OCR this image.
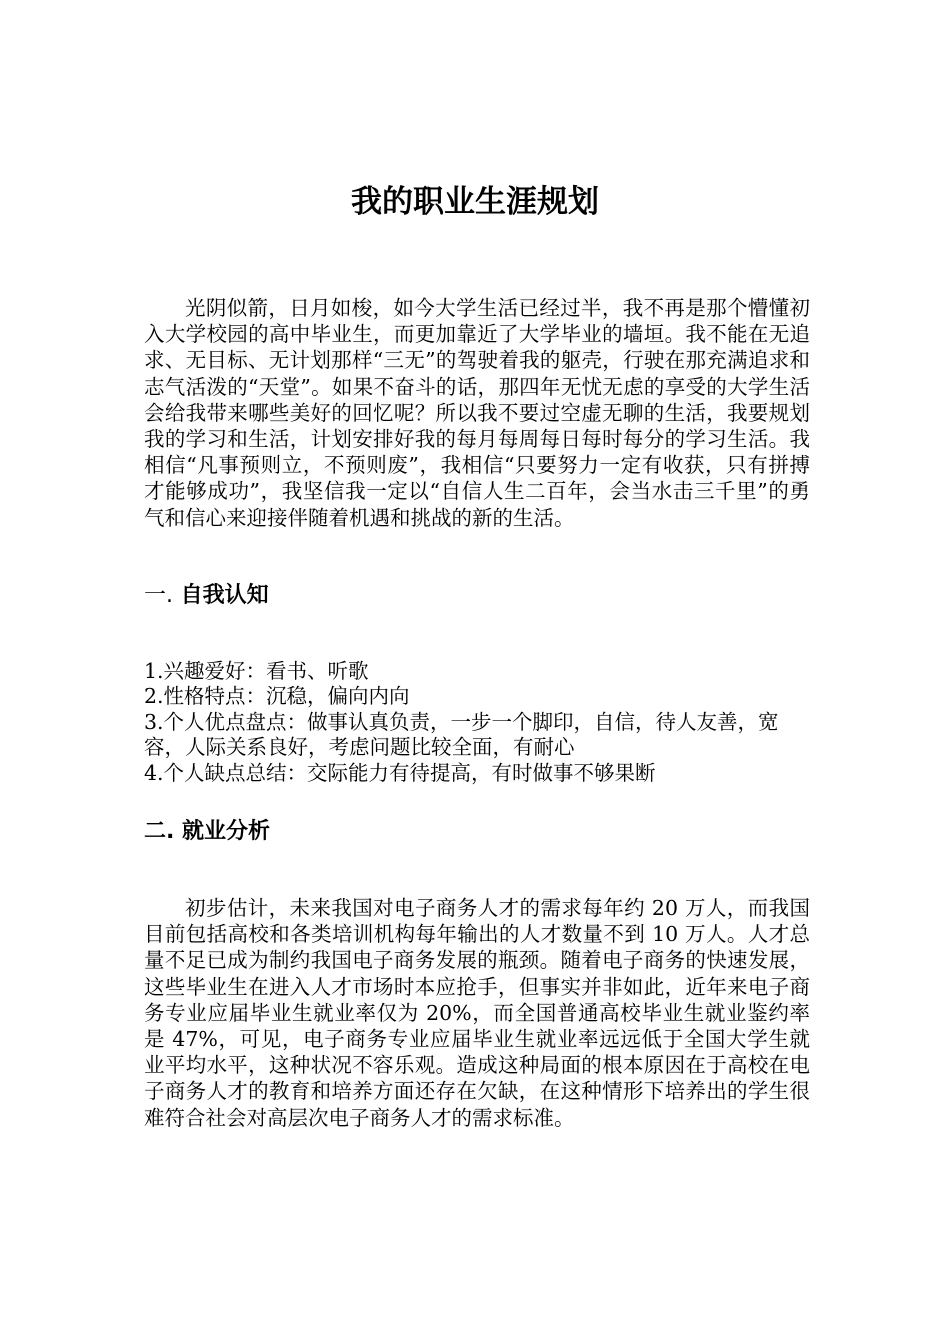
我的职业生涯规划

光阴似箭，日月如梭，如今大学生活已经过半，我不再是那个懵懂初入大学校园的高中毕业生，而更加靠近了大学毕业的墙垣。我不能在无追求、无目标、无计划那样“三无”的驾驶着我的躯壳，行驶在那充满追求和志气活泼的“天堂”。如果不奋斗的话，那四年无忧无虑的享受的大学生活会给我带来哪些美好的回忆呢？所以我不要过空虚无聊的生活，我要规划我的学习和生活，计划安排好我的每月每周每日每时每分的学习生活。我相信“凡事预则立，不预则废”，我相信“只要努力一定有收获，只有拼搏才能够成功”，我坚信我一定以“自信人生二百年，会当水击三千里”的勇气和信心来迎接伴随着机遇和挑战的新的生活。

一. 自我认知
1.兴趣爱好：看书、听歌
2.性格特点：沉稳，偏向内向
3.个人优点盘点：做事认真负责，一步一个脚印，自信，待人友善，宽容，人际关系良好，考虑问题比较全面，有耐心
4.个人缺点总结：交际能力有待提高，有时做事不够果断
二. 就业分析

初步估计，未来我国对电子商务人才的需求每年约 20 万人，而我国目前包括高校和各类培训机构每年输出的人才数量不到 10 万人。人才总量不足已成为制约我国电子商务发展的瓶颈。随着电子商务的快速发展，这些毕业生在进入人才市场时本应抢手，但事实并非如此，近年来电子商务专业应届毕业生就业率仅为 20%，而全国普通高校毕业生就业鉴约率是 47%，可见，电子商务专业应届毕业生就业率远远低于全国大学生就业平均水平，这种状况不容乐观。造成这种局面的根本原因在于高校在电子商务人才的教育和培养方面还存在欠缺，在这种情形下培养出的学生很难符合社会对高层次电子商务人才的需求标准。
